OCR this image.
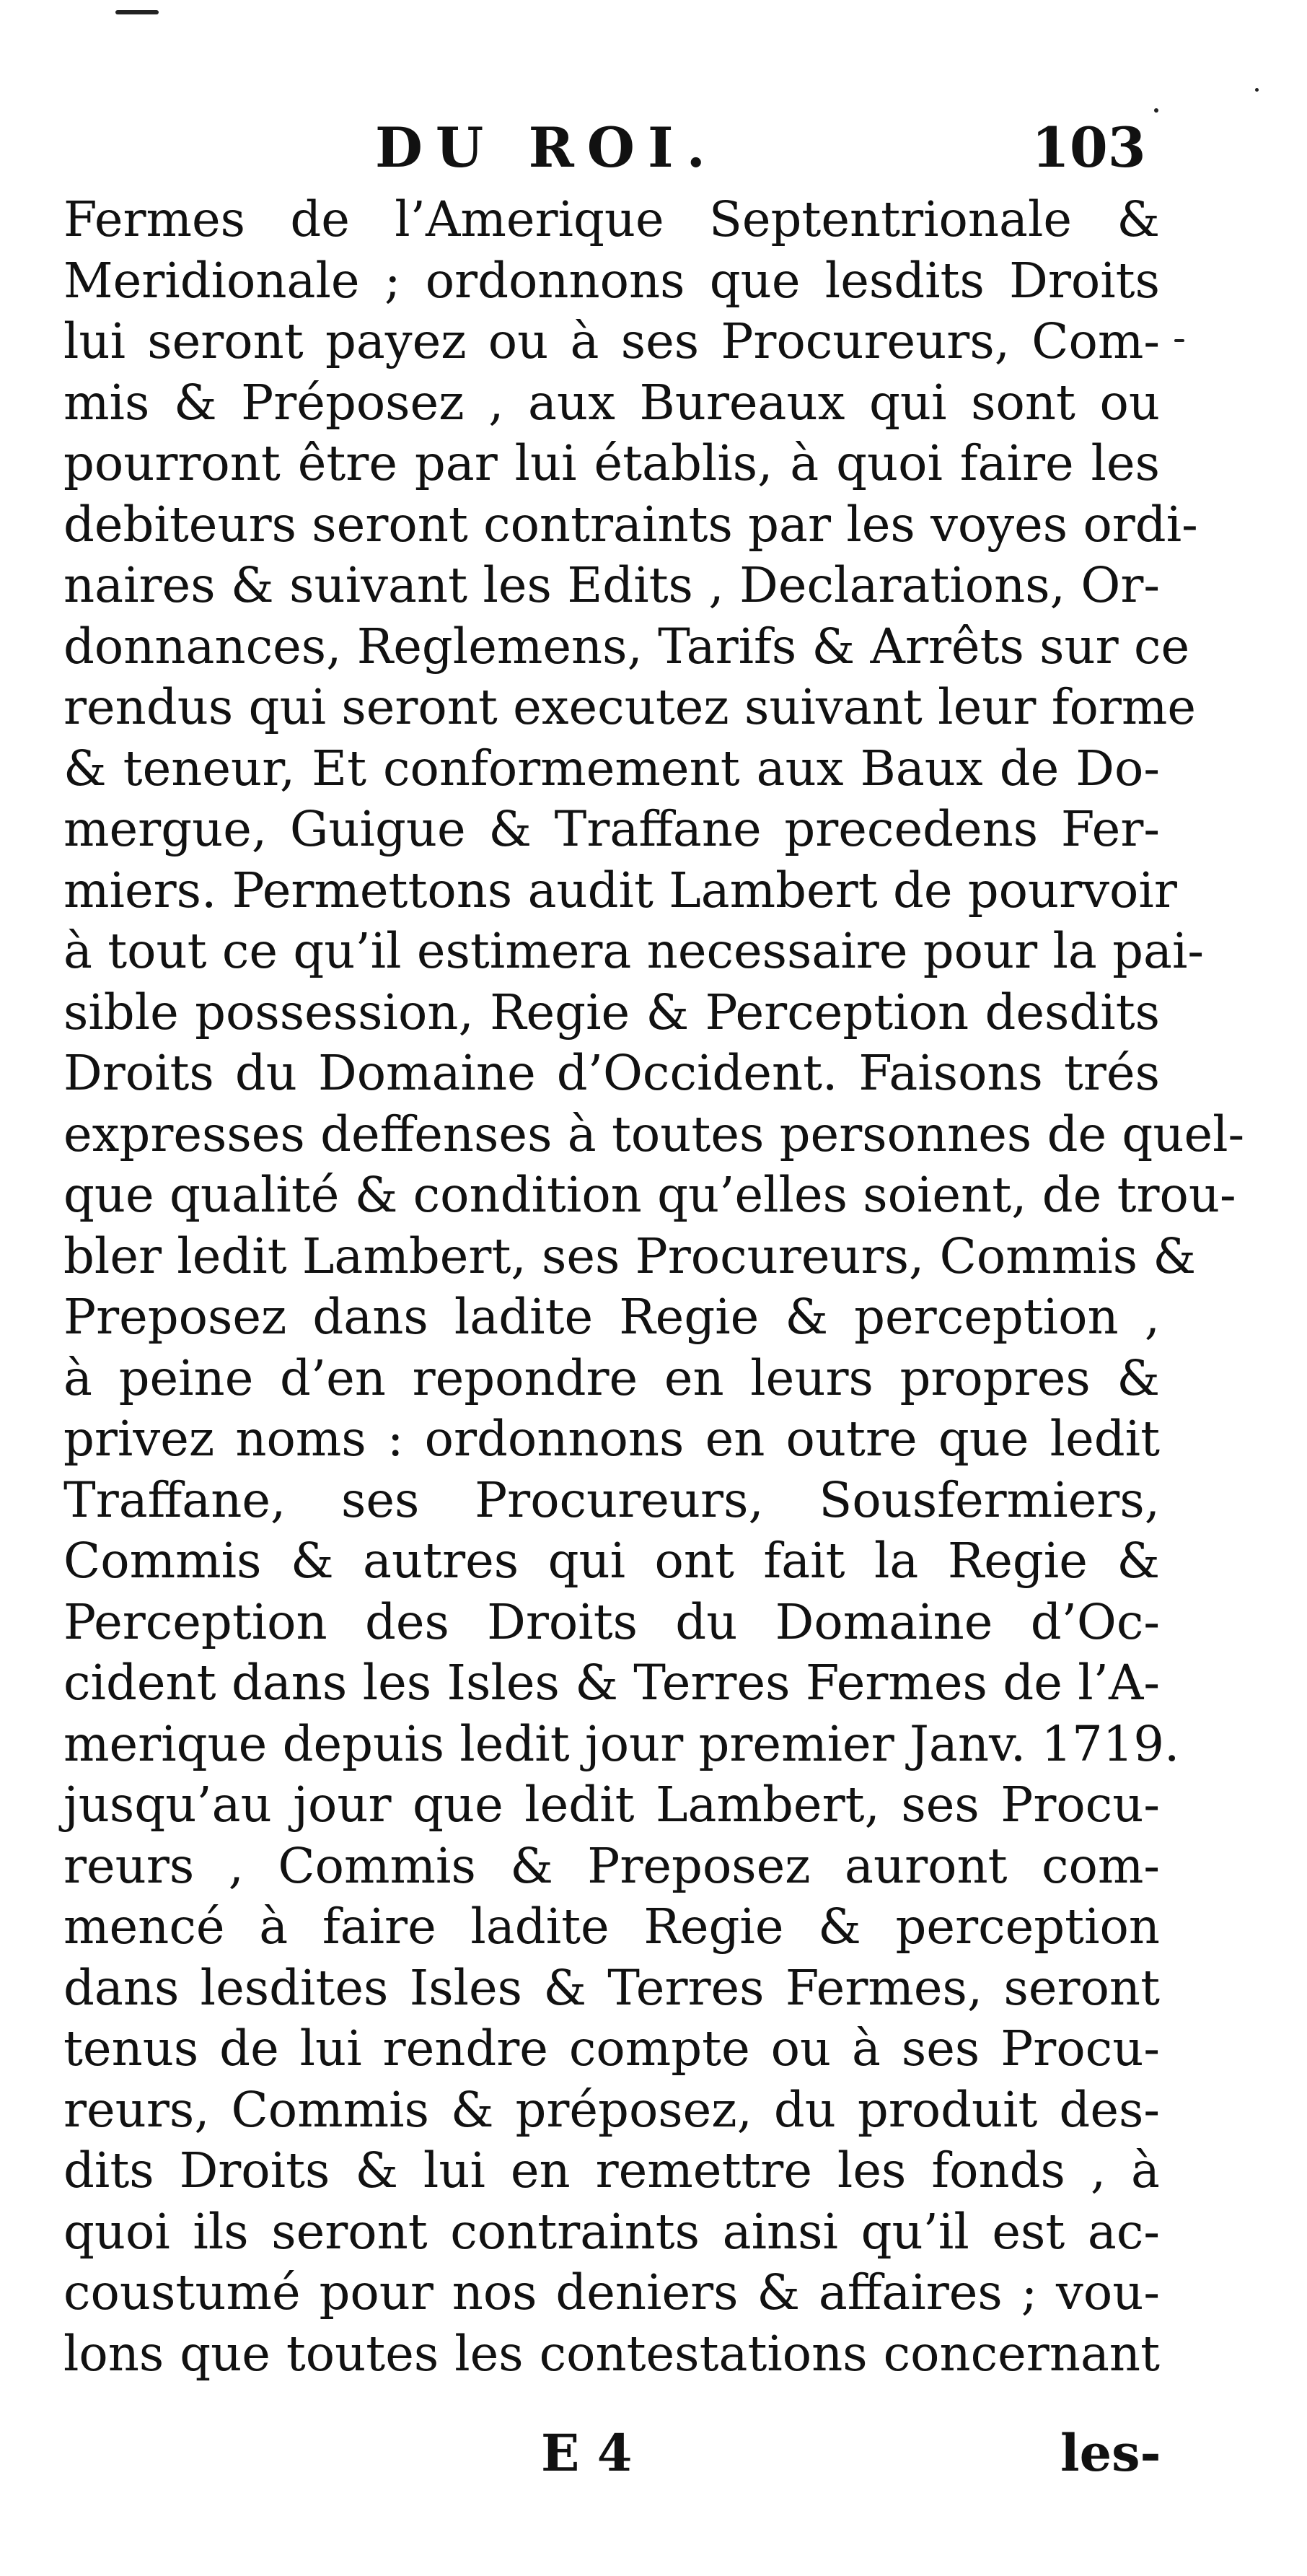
DU ROI.	103
Fermes de l’Amerique Septentrionale &
Meridionale ; ordonnons que lesdits Droits
lui seront payez ou à ses Procureurs, Com-
mis & Préposez , aux Bureaux qui sont ou
pourront être par lui établis, à quoi faire les
debiteurs seront contraints par les voyes ordi-
naires & suivant les Edits , Declarations, Or-
donnances, Reglemens, Tarifs & Arrêts sur ce
rendus qui seront executez suivant leur forme
& teneur, Et conformement aux Baux de Do-
mergue, Guigue & Traffane precedens Fer-
miers. Permettons audit Lambert de pourvoir
à tout ce qu’il estimera necessaire pour la pai-
sible possession, Regie & Perception desdits
Droits du Domaine d’Occident. Faisons trés
expresses deffenses à toutes personnes de quel-
que qualité & condition qu’elles soient, de trou-
bler ledit Lambert, ses Procureurs, Commis &
Preposez dans ladite Regie & perception ,
à peine d’en repondre en leurs propres &
privez noms : ordonnons en outre que ledit
Traffane, ses Procureurs, Sousfermiers,
Commis & autres qui ont fait la Regie &
Perception des Droits du Domaine d’Oc-
cident dans les Isles & Terres Fermes de l’A-
merique depuis ledit jour premier Janv. 1719.
jusqu’au jour que ledit Lambert, ses Procu-
reurs , Commis & Preposez auront com-
mencé à faire ladite Regie & perception
dans lesdites Isles & Terres Fermes, seront
tenus de lui rendre compte ou à ses Procu-
reurs, Commis & préposez, du produit des-
dits Droits & lui en remettre les fonds , à
quoi ils seront contraints ainsi qu’il est ac-
coustumé pour nos deniers & affaires ; vou-
lons que toutes les contestations concernant
E 4	les-
